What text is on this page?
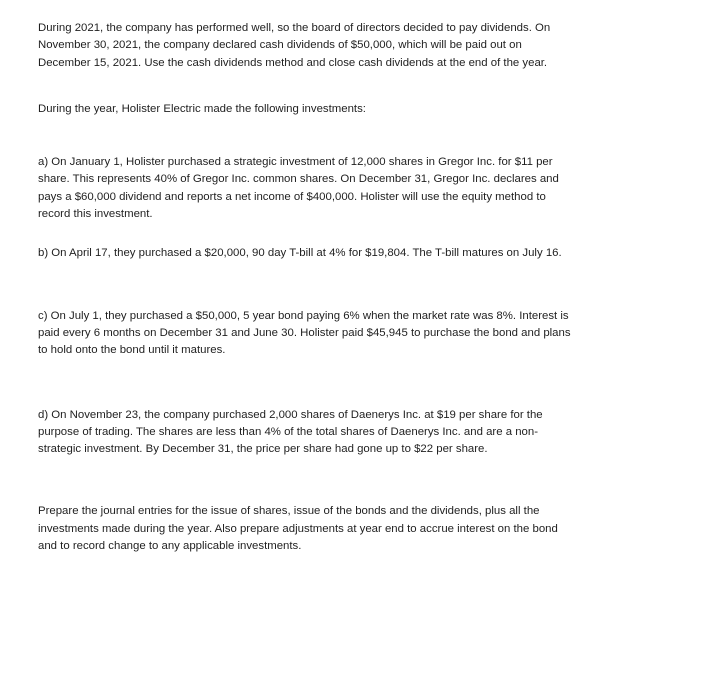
During 2021, the company has performed well, so the board of directors decided to pay dividends. On
November 30, 2021, the company declared cash dividends of $50,000, which will be paid out on
December 15, 2021. Use the cash dividends method and close cash dividends at the end of the year.

During the year, Holister Electric made the following investments:

a) On January 1, Holister purchased a strategic investment of 12,000 shares in Gregor Inc. for $11 per
share. This represents 40% of Gregor Inc. common shares. On December 31, Gregor Inc. declares and
pays a $60,000 dividend and reports a net income of $400,000. Holister will use the equity method to
record this investment.

b) On April 17, they purchased a $20,000, 90 day T-bill at 4% for $19,804. The T-bill matures on July 16.

c) On July 1, they purchased a $50,000, 5 year bond paying 6% when the market rate was 8%. Interest is
paid every 6 months on December 31 and June 30. Holister paid $45,945 to purchase the bond and plans
to hold onto the bond until it matures.

d) On November 23, the company purchased 2,000 shares of Daenerys Inc. at $19 per share for the
purpose of trading. The shares are less than 4% of the total shares of Daenerys Inc. and are a non-
strategic investment. By December 31, the price per share had gone up to $22 per share.

Prepare the journal entries for the issue of shares, issue of the bonds and the dividends, plus all the
investments made during the year. Also prepare adjustments at year end to accrue interest on the bond
and to record change to any applicable investments.
